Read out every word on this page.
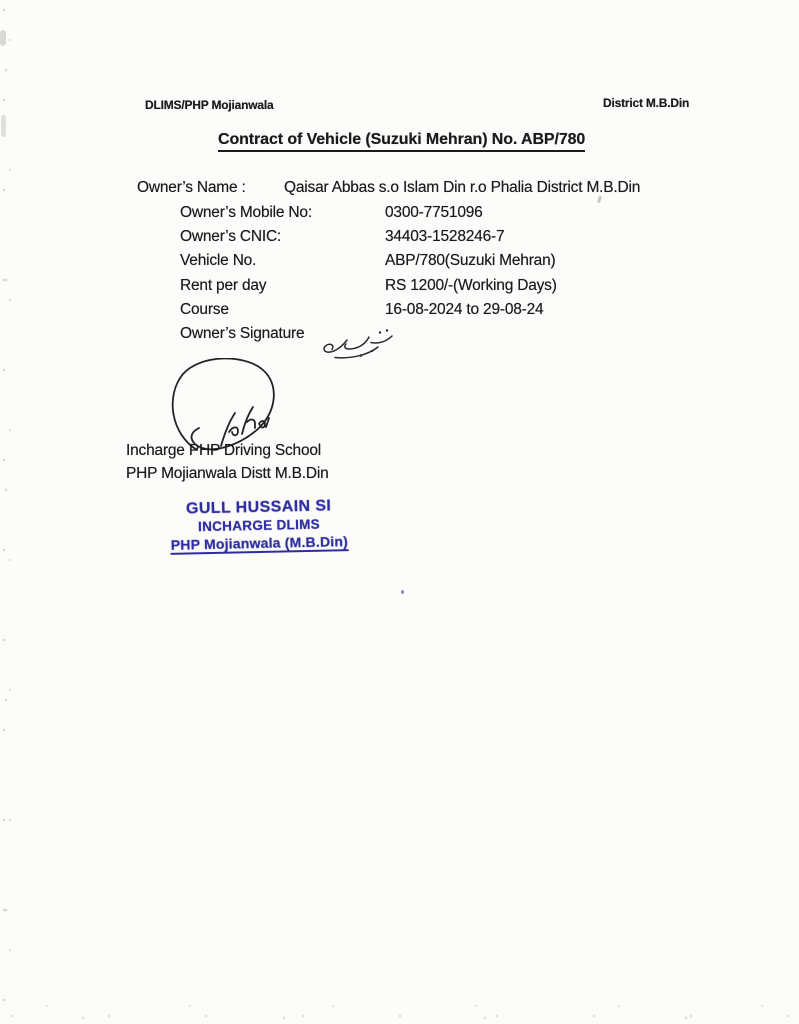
DLIMS/PHP Mojianwala	District M.B.Din
Contract of Vehicle (Suzuki Mehran) No. ABP/780
Owner’s Name : Qaisar Abbas s.o Islam Din r.o Phalia District M.B.Din
Owner’s Mobile No:	0300-7751096
Owner’s CNIC:	34403-1528246-7
Vehicle No.	ABP/780(Suzuki Mehran)
Rent per day	RS 1200/-(Working Days)
Course	16-08-2024 to 29-08-24
Owner’s Signature
Incharge PHP Driving School
PHP Mojianwala Distt M.B.Din
GULL HUSSAIN SI
INCHARGE DLIMS
PHP Mojianwala (M.B.Din)
